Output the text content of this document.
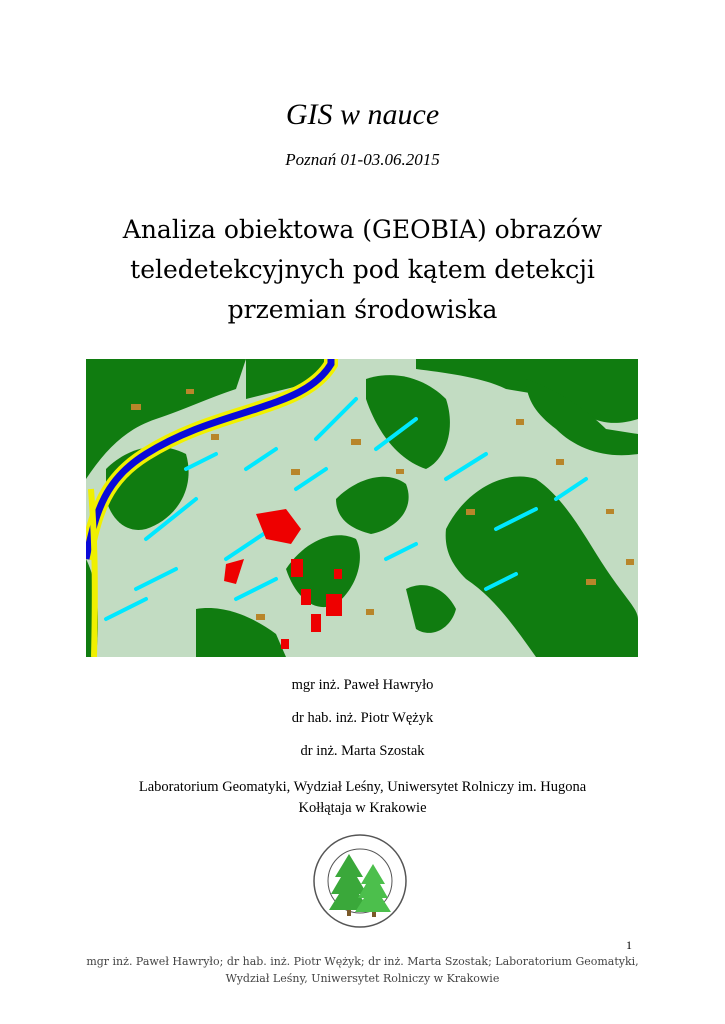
GIS w nauce
Poznań 01-03.06.2015
Analiza obiektowa (GEOBIA) obrazów
teledetekcyjnych pod kątem detekcji
przemian środowiska
mgr inż. Paweł Hawryło
dr hab. inż. Piotr Wężyk
dr inż. Marta Szostak
Laboratorium Geomatyki, Wydział Leśny, Uniwersytet Rolniczy im. Hugona
Kołłątaja w Krakowie
1
mgr inż. Paweł Hawryło; dr hab. inż. Piotr Wężyk; dr inż. Marta Szostak; Laboratorium Geomatyki,
Wydział Leśny, Uniwersytet Rolniczy w Krakowie
